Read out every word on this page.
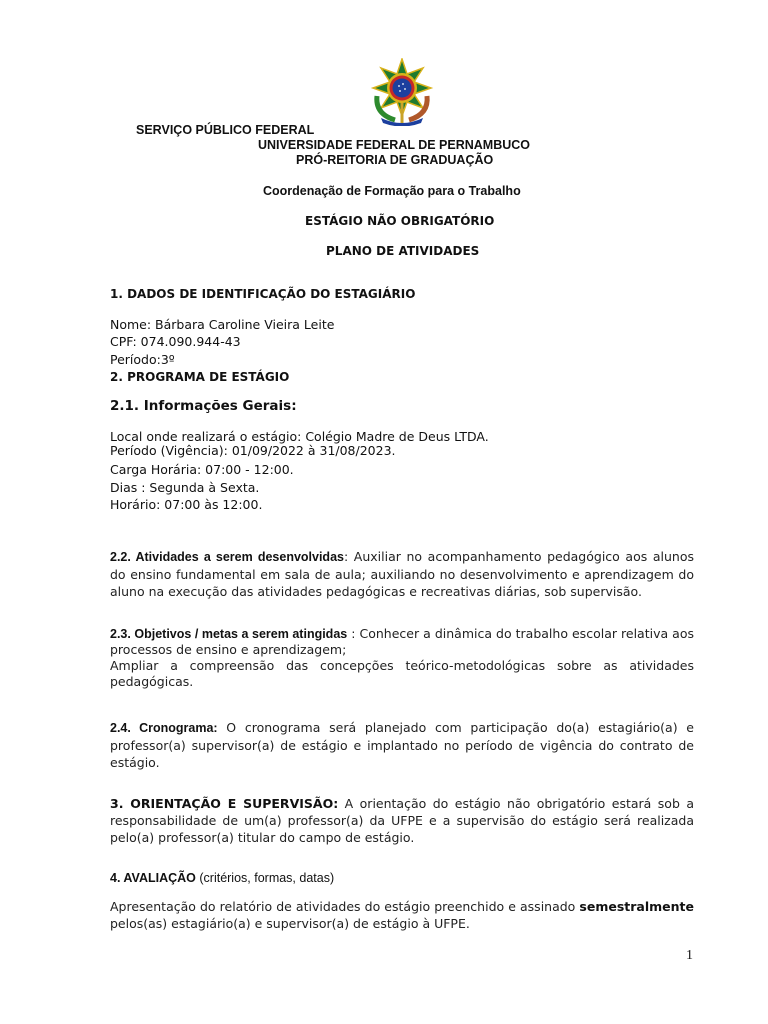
SERVIÇO PÚBLICO FEDERAL
UNIVERSIDADE FEDERAL DE PERNAMBUCO
PRÓ-REITORIA DE GRADUAÇÃO
Coordenação de Formação para o Trabalho
ESTÁGIO NÃO OBRIGATÓRIO
PLANO DE ATIVIDADES
1. DADOS DE IDENTIFICAÇÃO DO ESTAGIÁRIO
Nome: Bárbara Caroline Vieira Leite
CPF: 074.090.944-43
Período:3º
2. PROGRAMA DE ESTÁGIO
2.1. Informações Gerais:
Local onde realizará o estágio: Colégio Madre de Deus LTDA.
Período (Vigência): 01/09/2022 à 31/08/2023.
Carga Horária: 07:00 - 12:00.
Dias : Segunda à Sexta.
Horário: 07:00 às 12:00.
2.2. Atividades a serem desenvolvidas: Auxiliar no acompanhamento pedagógico aos alunos do ensino fundamental em sala de aula; auxiliando no desenvolvimento e aprendizagem do aluno na execução das atividades pedagógicas e recreativas diárias, sob supervisão.
2.3. Objetivos / metas a serem atingidas : Conhecer a dinâmica do trabalho escolar relativa aos processos de ensino e aprendizagem;
Ampliar a compreensão das concepções teórico-metodológicas sobre as atividades pedagógicas.
2.4. Cronograma: O cronograma será planejado com participação do(a) estagiário(a) e professor(a) supervisor(a) de estágio e implantado no período de vigência do contrato de estágio.
3. ORIENTAÇÃO E SUPERVISÃO: A orientação do estágio não obrigatório estará sob a responsabilidade de um(a) professor(a) da UFPE e a supervisão do estágio será realizada pelo(a) professor(a) titular do campo de estágio.
4. AVALIAÇÃO (critérios, formas, datas)
Apresentação do relatório de atividades do estágio preenchido e assinado semestralmente pelos(as) estagiário(a) e supervisor(a) de estágio à UFPE.
1
